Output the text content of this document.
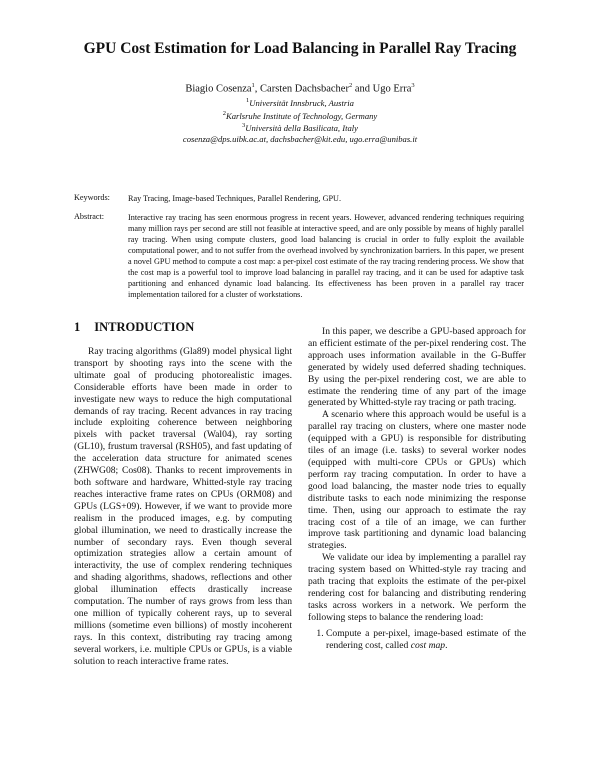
GPU Cost Estimation for Load Balancing in Parallel Ray Tracing
Biagio Cosenza$^1$, Carsten Dachsbacher$^2$ and Ugo Erra$^3$
$^1$Universität Innsbruck, Austria
$^2$Karlsruhe Institute of Technology, Germany
$^3$Università della Basilicata, Italy
cosenza@dps.uibk.ac.at, dachsbacher@kit.edu, ugo.erra@unibas.it
Keywords: Ray Tracing, Image-based Techniques, Parallel Rendering, GPU.
Abstract:	Interactive ray tracing has seen enormous progress in recent years. However, advanced rendering techniques requiring many million rays per second are still not feasible at interactive speed, and are only possible by means of highly parallel ray tracing. When using compute clusters, good load balancing is crucial in order to fully exploit the available computational power, and to not suffer from the overhead involved by synchronization barriers. In this paper, we present a novel GPU method to compute a cost map: a per-pixel cost estimate of the ray tracing rendering process. We show that the cost map is a powerful tool to improve load balancing in parallel ray tracing, and it can be used for adaptive task partitioning and enhanced dynamic load balancing. Its effectiveness has been proven in a parallel ray tracer implementation tailored for a cluster of workstations.
1 INTRODUCTION

Ray tracing algorithms (Gla89) model physical light transport by shooting rays into the scene with the ultimate goal of producing photorealistic images. Considerable efforts have been made in order to investigate new ways to reduce the high computational demands of ray tracing. Recent advances in ray tracing include exploiting coherence between neighboring pixels with packet traversal (Wal04), ray sorting (GL10), frustum traversal (RSH05), and fast updating of the acceleration data structure for animated scenes (ZHWG08; Cos08). Thanks to recent improvements in both software and hardware, Whitted-style ray tracing reaches interactive frame rates on CPUs (ORM08) and GPUs (LGS+09). However, if we want to provide more realism in the produced images, e.g. by computing global illumination, we need to drastically increase the number of secondary rays. Even though several optimization strategies allow a certain amount of interactivity, the use of complex rendering techniques and shading algorithms, shadows, reflections and other global illumination effects drastically increase computation. The number of rays grows from less than one million of typically coherent rays, up to several millions (sometime even billions) of mostly incoherent rays. In this context, distributing ray tracing among several workers, i.e. multiple CPUs or GPUs, is a viable solution to reach interactive frame rates.

In this paper, we describe a GPU-based approach for an efficient estimate of the per-pixel rendering cost. The approach uses information available in the G-Buffer generated by widely used deferred shading techniques. By using the per-pixel rendering cost, we are able to estimate the rendering time of any part of the image generated by Whitted-style ray tracing or path tracing.

A scenario where this approach would be useful is a parallel ray tracing on clusters, where one master node (equipped with a GPU) is responsible for distributing tiles of an image (i.e. tasks) to several worker nodes (equipped with multi-core CPUs or GPUs) which perform ray tracing computation. In order to have a good load balancing, the master node tries to equally distribute tasks to each node minimizing the response time. Then, using our approach to estimate the ray tracing cost of a tile of an image, we can further improve task partitioning and dynamic load balancing strategies.

We validate our idea by implementing a parallel ray tracing system based on Whitted-style ray tracing and path tracing that exploits the estimate of the per-pixel rendering cost for balancing and distributing rendering tasks across workers in a network. We perform the following steps to balance the rendering load:

1. Compute a per-pixel, image-based estimate of the rendering cost, called cost map.
